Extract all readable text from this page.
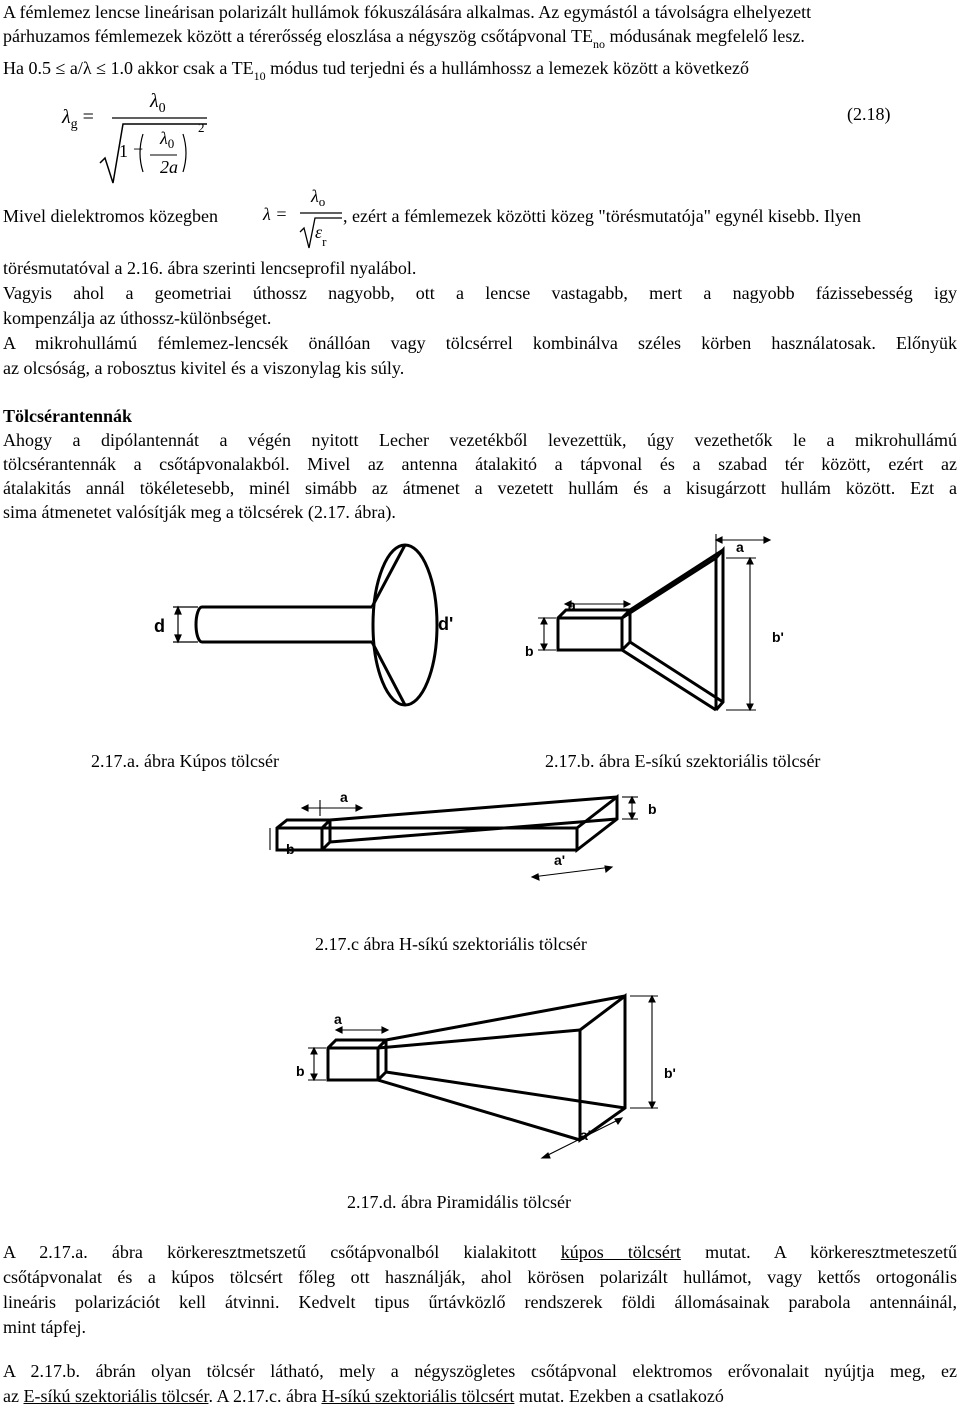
A fémlemez lencse lineárisan polarizált hullámok fókuszálására alkalmas. Az egymástól a távolságra elhelyezett
párhuzamos fémlemezek között a térerősség eloszlása a négyszög csőtápvonal $TE_{no}$ módusának megfelelő lesz.
Ha 0.5 ≤ a/λ ≤ 1.0 akkor csak a $TE_{10}$ módus tud terjedni és a hullámhossz a lemezek között a következő
$\lambda_g$ =
$\lambda_0$
1 −
$\lambda_0$
2a
2
(2.18)
Mivel dielektromos közegben	λ =
$\lambda_o$
$\varepsilon_r$
, ezért a fémlemezek közötti közeg "törésmutatója" egynél kisebb. Ilyen
törésmutatóval a 2.16. ábra szerinti lencseprofil nyalábol.
Vagyis ahol a geometriai úthossz nagyobb, ott a lencse vastagabb, mert a nagyobb fázissebesség igy
kompenzálja az úthossz-különbséget.
A mikrohullámú fémlemez-lencsék önállóan vagy tölcsérrel kombinálva széles körben használatosak. Előnyük
az olcsóság, a robosztus kivitel és a viszonylag kis súly.
Tölcsérantennák
Ahogy a dipólantennát a végén nyitott Lecher vezetékből levezettük, úgy vezethetők le a mikrohullámú
tölcsérantennák a csőtápvonalakból. Mivel az antenna átalakitó a tápvonal és a szabad tér között, ezért az
átalakitás annál tökéletesebb, minél simább az átmenet a vezetett hullám és a kisugárzott hullám között. Ezt a
sima átmenetet valósítják meg a tölcsérek (2.17. ábra).
d	d'
2.17.a. ábra Kúpos tölcsér
a
a
b
b'
2.17.b. ábra E-síkú szektoriális tölcsér
a
b
b
a'
2.17.c ábra H-síkú szektoriális tölcsér
a
b	b'
a'
2.17.d. ábra Piramidális tölcsér
A 2.17.a. ábra körkeresztmetszetű csőtápvonalból kialakitott kúpos tölcsért mutat. A körkeresztmeteszetű
csőtápvonalat és a kúpos tölcsért főleg ott használják, ahol körösen polarizált hullámot, vagy kettős ortogonális
lineáris polarizációt kell átvinni. Kedvelt tipus űrtávközlő rendszerek földi állomásainak parabola antennáinál,
mint tápfej.
A 2.17.b. ábrán olyan tölcsér látható, mely a négyszögletes csőtápvonal elektromos erővonalait nyújtja meg, ez
az E-síkú szektoriális tölcsér. A 2.17.c. ábra H-síkú szektoriális tölcsért mutat. Ezekben a csatlakozó
